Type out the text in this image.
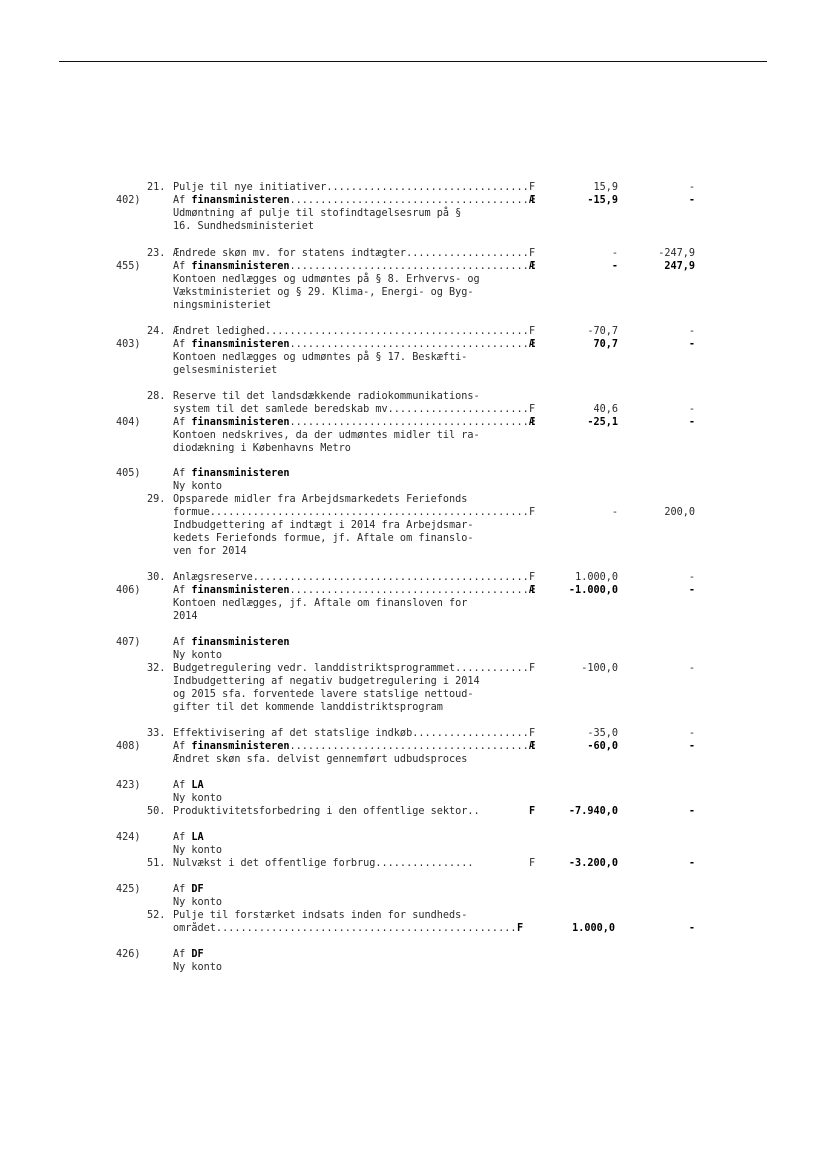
21. Pulje til nye initiativer .....	F	15,9	-
402)	Af finansministeren .....	Æ	-15,9	-
Udmøntning af pulje til stofindtagelsesrum på §
16. Sundhedsministeriet
23. Ændrede skøn mv. for statens indtægter .....	F	-	-247,9
455)	Af finansministeren .....	Æ	-	247,9
Kontoen nedlægges og udmøntes på § 8. Erhvervs- og
Vækstministeriet og § 29. Klima-, Energi- og Byg-
ningsministeriet
24. Ændret ledighed .....	F	-70,7	-
403)	Af finansministeren .....	Æ	70,7	-
Kontoen nedlægges og udmøntes på § 17. Beskæfti-
gelsesministeriet
28. Reserve til det landsdækkende radiokommunikations-
system til det samlede beredskab mv. .....	F	40,6	-
404)	Af finansministeren .....	Æ	-25,1	-
Kontoen nedskrives, da der udmøntes midler til ra-
diodækning i Københavns Metro
405)	Af finansministeren
Ny konto
29. Opsparede midler fra Arbejdsmarkedets Feriefonds
formue .....	F	-	200,0
Indbudgettering af indtægt i 2014 fra Arbejdsmar-
kedets Feriefonds formue, jf. Aftale om finanslo-
ven for 2014
30. Anlægsreserve .....	F	1.000,0	-
406)	Af finansministeren .....	Æ	-1.000,0	-
Kontoen nedlægges, jf. Aftale om finansloven for
2014
407)	Af finansministeren
Ny konto
32. Budgetregulering vedr. landdistriktsprogrammet .....	F	-100,0	-
Indbudgettering af negativ budgetregulering i 2014
og 2015 sfa. forventede lavere statslige nettoud-
gifter til det kommende landdistriktsprogram
33. Effektivisering af det statslige indkøb .....	F	-35,0	-
408)	Af finansministeren .....	Æ	-60,0	-
Ændret skøn sfa. delvist gennemført udbudsproces
423)	Af LA
Ny konto
50. Produktivitetsforbedring i den offentlige sektor..	F	-7.940,0	-
424)	Af LA
Ny konto
51. Nulvækst i det offentlige forbrug................	F	-3.200,0	-
425)	Af DF
Ny konto
52. Pulje til forstærket indsats inden for sundheds-
området .....	F	1.000,0	-
426)	Af DF
Ny konto
